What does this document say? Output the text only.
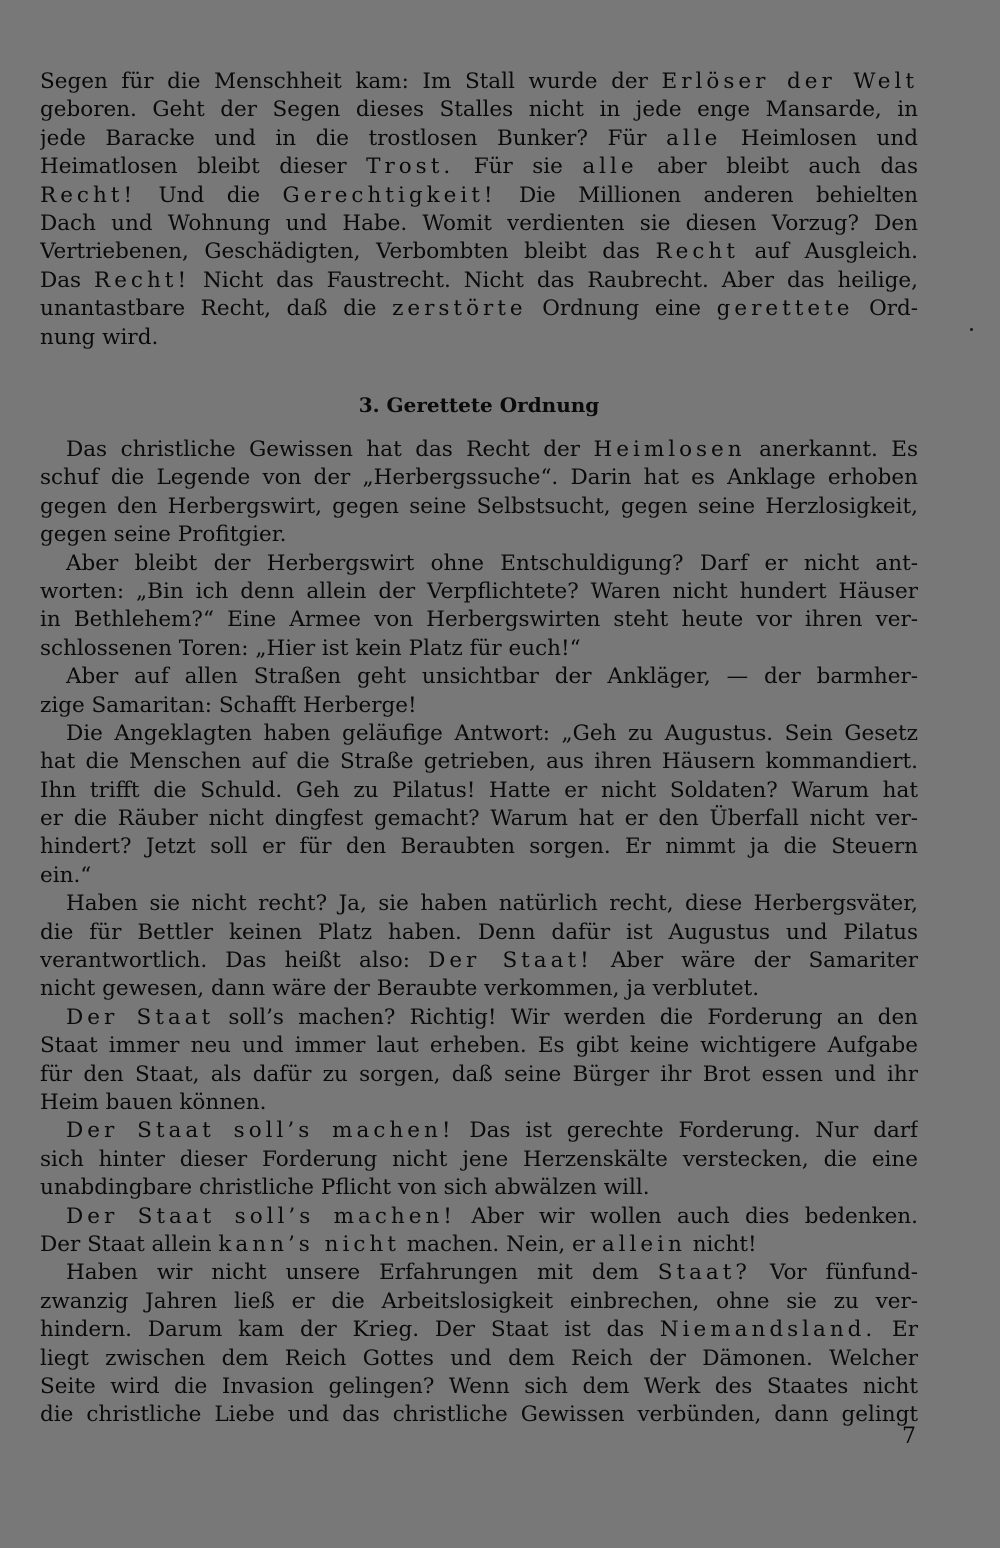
Segen für die Menschheit kam: Im Stall wurde der Erlöser der Welt
geboren. Geht der Segen dieses Stalles nicht in jede enge Mansarde, in
jede Baracke und in die trostlosen Bunker? Für alle Heimlosen und
Heimatlosen bleibt dieser Trost. Für sie alle aber bleibt auch das
Recht! Und die Gerechtigkeit! Die Millionen anderen behielten
Dach und Wohnung und Habe. Womit verdienten sie diesen Vorzug? Den
Vertriebenen, Geschädigten, Verbombten bleibt das Recht auf Ausgleich.
Das Recht! Nicht das Faustrecht. Nicht das Raubrecht. Aber das heilige,
unantastbare Recht, daß die zerstörte Ordnung eine gerettete Ord-
nung wird.
3. Gerettete Ordnung
Das christliche Gewissen hat das Recht der Heimlosen anerkannt. Es
schuf die Legende von der „Herbergssuche“. Darin hat es Anklage erhoben
gegen den Herbergswirt, gegen seine Selbstsucht, gegen seine Herzlosigkeit,
gegen seine Profitgier.
Aber bleibt der Herbergswirt ohne Entschuldigung? Darf er nicht ant-
worten: „Bin ich denn allein der Verpflichtete? Waren nicht hundert Häuser
in Bethlehem?“ Eine Armee von Herbergswirten steht heute vor ihren ver-
schlossenen Toren: „Hier ist kein Platz für euch!“
Aber auf allen Straßen geht unsichtbar der Ankläger, — der barmher-
zige Samaritan: Schafft Herberge!
Die Angeklagten haben geläufige Antwort: „Geh zu Augustus. Sein Gesetz
hat die Menschen auf die Straße getrieben, aus ihren Häusern kommandiert.
Ihn trifft die Schuld. Geh zu Pilatus! Hatte er nicht Soldaten? Warum hat
er die Räuber nicht dingfest gemacht? Warum hat er den Überfall nicht ver-
hindert? Jetzt soll er für den Beraubten sorgen. Er nimmt ja die Steuern
ein.“
Haben sie nicht recht? Ja, sie haben natürlich recht, diese Herbergsväter,
die für Bettler keinen Platz haben. Denn dafür ist Augustus und Pilatus
verantwortlich. Das heißt also: Der Staat! Aber wäre der Samariter
nicht gewesen, dann wäre der Beraubte verkommen, ja verblutet.
Der Staat soll’s machen? Richtig! Wir werden die Forderung an den
Staat immer neu und immer laut erheben. Es gibt keine wichtigere Aufgabe
für den Staat, als dafür zu sorgen, daß seine Bürger ihr Brot essen und ihr
Heim bauen können.
Der Staat soll’s machen! Das ist gerechte Forderung. Nur darf
sich hinter dieser Forderung nicht jene Herzenskälte verstecken, die eine
unabdingbare christliche Pflicht von sich abwälzen will.
Der Staat soll’s machen! Aber wir wollen auch dies bedenken.
Der Staat allein kann’s nicht machen. Nein, er allein nicht!
Haben wir nicht unsere Erfahrungen mit dem Staat? Vor fünfund-
zwanzig Jahren ließ er die Arbeitslosigkeit einbrechen, ohne sie zu ver-
hindern. Darum kam der Krieg. Der Staat ist das Niemandsland. Er
liegt zwischen dem Reich Gottes und dem Reich der Dämonen. Welcher
Seite wird die Invasion gelingen? Wenn sich dem Werk des Staates nicht
die christliche Liebe und das christliche Gewissen verbünden, dann gelingt
7
